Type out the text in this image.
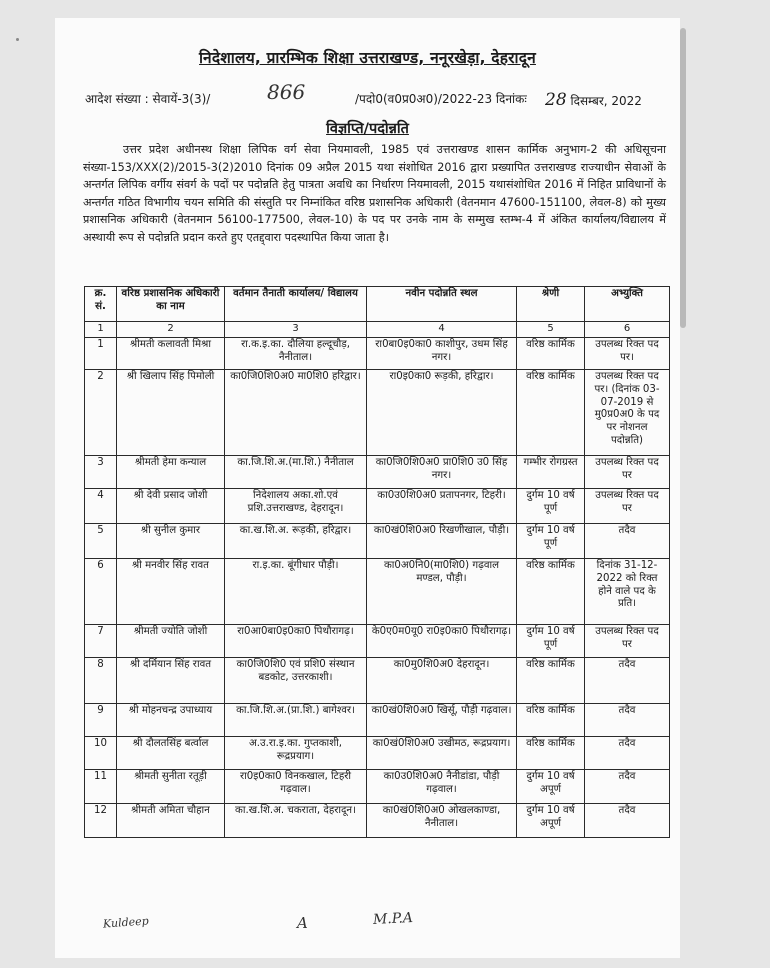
निदेशालय, प्रारम्भिक शिक्षा उत्तराखण्ड, ननूरखेड़ा, देहरादून
आदेश संख्या : सेवायें-3(3)/	866	/पदो0(व0प्र0अ0)/2022-23 दिनांकः 28 दिसम्बर, 2022
विज्ञप्ति/पदोन्नति
उत्तर प्रदेश अधीनस्थ शिक्षा लिपिक वर्ग सेवा नियमावली, 1985 एवं उत्तराखण्ड शासन कार्मिक अनुभाग-2 की अधिसूचना संख्या-153/XXX(2)/2015-3(2)2010 दिनांक 09 अप्रैल 2015 यथा संशोधित 2016 द्वारा प्रख्यापित उत्तराखण्ड राज्याधीन सेवाओं के अन्तर्गत लिपिक वर्गीय संवर्ग के पदों पर पदोन्नति हेतु पात्रता अवधि का निर्धारण नियमावली, 2015 यथासंशोधित 2016 में निहित प्राविधानों के अन्तर्गत गठित विभागीय चयन समिति की संस्तुति पर निम्नांकित वरिष्ठ प्रशासनिक अधिकारी (वेतनमान 47600-151100, लेवल-8) को मुख्य प्रशासनिक अधिकारी (वेतनमान 56100-177500, लेवल-10) के पद पर उनके नाम के सम्मुख स्तम्भ-4 में अंकित कार्यालय/विद्यालय में अस्थायी रूप से पदोन्नति प्रदान करते हुए एतद्द्वारा पदस्थापित किया जाता है।
क्र. सं.	वरिष्ठ प्रशासनिक अधिकारी का नाम	वर्तमान तैनाती कार्यालय/ विद्यालय	नवीन पदोन्नति स्थल	श्रेणी	अभ्युक्ति
1	2	3	4	5	6
1	श्रीमती कलावती मिश्रा	रा.क.इ.का. दौलिया हल्दूचौड़, नैनीताल।	रा0बा0इ0का0 काशीपुर, उधम सिंह नगर।	वरिष्ठ कार्मिक	उपलब्ध रिक्त पद पर।
2	श्री खिलाप सिंह पिमोली	का0जि0शि0अ0 मा0शि0 हरिद्वार।	रा0इ0का0 रूड़की, हरिद्वार।	वरिष्ठ कार्मिक	उपलब्ध रिक्त पद पर। (दिनांक 03-07-2019 से मु0प्र0अ0 के पद पर नोशनल पदोन्नति)
3	श्रीमती हेमा कन्याल	का.जि.शि.अ.(मा.शि.) नैनीताल	का0जि0शि0अ0 प्रा0शि0 उ0 सिंह नगर।	गम्भीर रोगग्रस्त	उपलब्ध रिक्त पद पर
4	श्री देवी प्रसाद जोशी	निदेशालय अका.शो.एवं प्रशि.उत्तराखण्ड, देहरादून।	का0उ0शि0अ0 प्रतापनगर, टिहरी।	दुर्गम 10 वर्ष पूर्ण	उपलब्ध रिक्त पद पर
5	श्री सुनील कुमार	का.ख.शि.अ. रूड़की, हरिद्वार।	का0खं0शि0अ0 रिखणीखाल, पौड़ी।	दुर्गम 10 वर्ष पूर्ण	तदैव
6	श्री मनवीर सिंह रावत	रा.इ.का. बूंगीधार पौड़ी।	का0अ0नि0(मा0शि0) गढ़वाल मण्डल, पौड़ी।	वरिष्ठ कार्मिक	दिनांक 31-12-2022 को रिक्त होने वाले पद के प्रति।
7	श्रीमती ज्योति जोशी	रा0आ0बा0इ0का0 पिथौरागढ़।	के0ए0म0यू0 रा0इ0का0 पिथौरागढ़।	दुर्गम 10 वर्ष पूर्ण	उपलब्ध रिक्त पद पर
8	श्री दर्मियान सिंह रावत	का0जि0शि0 एवं प्रशि0 संस्थान बडकोट, उत्तरकाशी।	का0मु0शि0अ0 देहरादून।	वरिष्ठ कार्मिक	तदैव
9	श्री मोहनचन्द्र उपाध्याय	का.जि.शि.अ.(प्रा.शि.) बागेश्वर।	का0खं0शि0अ0 खिर्सू, पौड़ी गढ़वाल।	वरिष्ठ कार्मिक	तदैव
10	श्री दौलतसिंह बर्त्वाल	अ.उ.रा.इ.का. गुप्तकाशी, रूद्रप्रयाग।	का0खं0शि0अ0 उखीमठ, रूद्रप्रयाग।	वरिष्ठ कार्मिक	तदैव
11	श्रीमती सुनीता रतूड़ी	रा0इ0का0 विनकखाल, टिहरी गढ़वाल।	का0उ0शि0अ0 नैनीडांडा, पौड़ी गढ़वाल।	दुर्गम 10 वर्ष अपूर्ण	तदैव
12	श्रीमती अमिता चौहान	का.ख.शि.अ. चकराता, देहरादून।	का0खं0शि0अ0 ओखलकाण्डा, नैनीताल।	दुर्गम 10 वर्ष अपूर्ण	तदैव
Kuldeep	A	M.P.A
